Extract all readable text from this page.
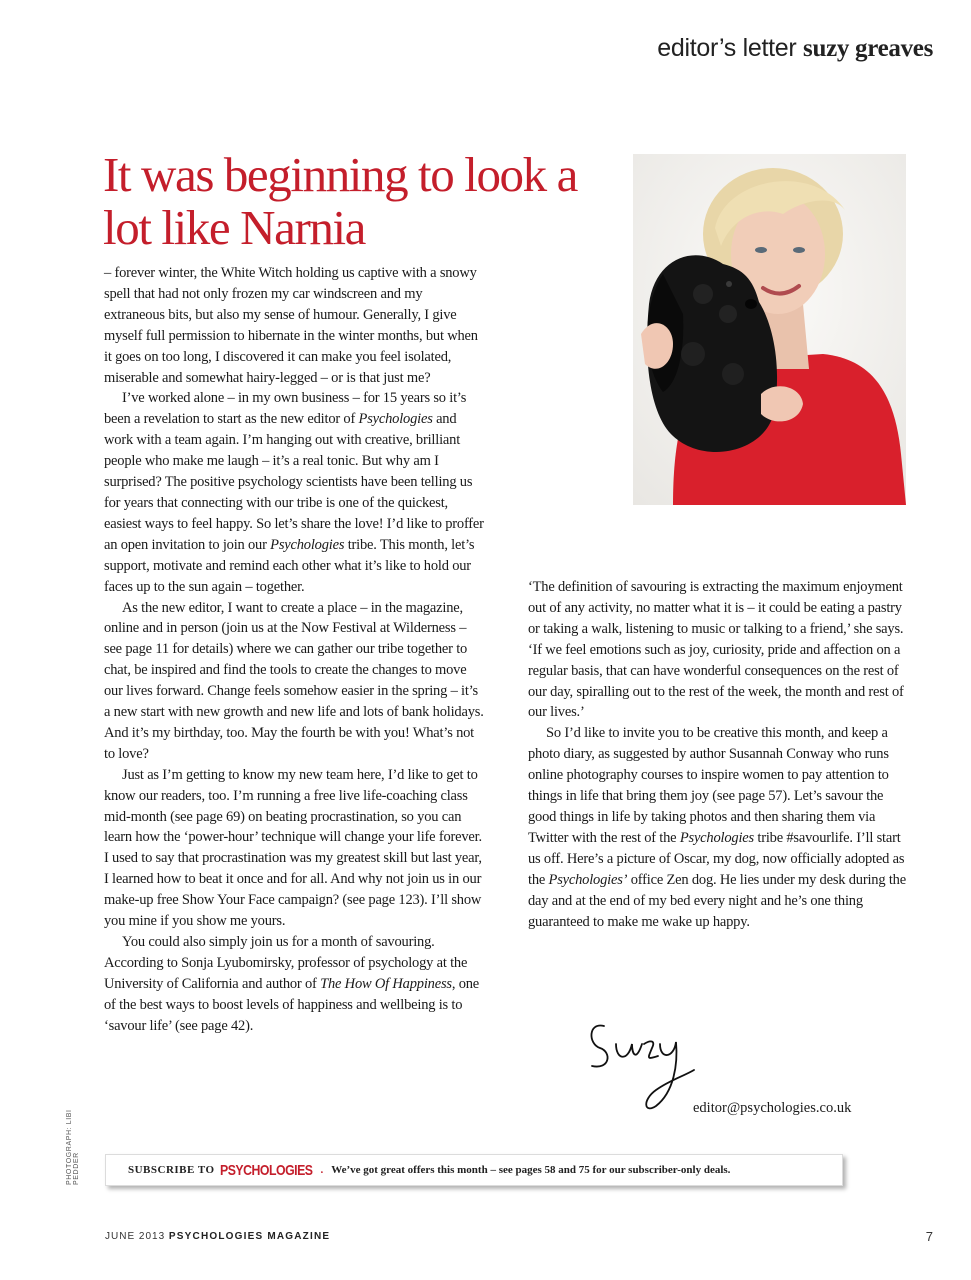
editor’s letter suzy greaves
It was beginning to look a lot like Narnia

– forever winter, the White Witch holding us captive with a snowy spell that had not only frozen my car windscreen and my extraneous bits, but also my sense of humour. Generally, I give myself full permission to hibernate in the winter months, but when it goes on too long, I discovered it can make you feel isolated, miserable and somewhat hairy-legged – or is that just me?

I’ve worked alone – in my own business – for 15 years so it’s been a revelation to start as the new editor of Psychologies and work with a team again. I’m hanging out with creative, brilliant people who make me laugh – it’s a real tonic. But why am I surprised? The positive psychology scientists have been telling us for years that connecting with our tribe is one of the quickest, easiest ways to feel happy. So let’s share the love! I’d like to proffer an open invitation to join our Psychologies tribe. This month, let’s support, motivate and remind each other what it’s like to hold our faces up to the sun again – together.

As the new editor, I want to create a place – in the magazine, online and in person (join us at the Now Festival at Wilderness – see page 11 for details) where we can gather our tribe together to chat, be inspired and find the tools to create the changes to move our lives forward. Change feels somehow easier in the spring – it’s a new start with new growth and new life and lots of bank holidays. And it’s my birthday, too. May the fourth be with you! What’s not to love?

Just as I’m getting to know my new team here, I’d like to get to know our readers, too. I’m running a free live life-coaching class mid-month (see page 69) on beating procrastination, so you can learn how the ‘power-hour’ technique will change your life forever. I used to say that procrastination was my greatest skill but last year, I learned how to beat it once and for all. And why not join us in our make-up free Show Your Face campaign? (see page 123). I’ll show you mine if you show me yours.

You could also simply join us for a month of savouring. According to Sonja Lyubomirsky, professor of psychology at the University of California and author of The How Of Happiness, one of the best ways to boost levels of happiness and wellbeing is to ‘savour life’ (see page 42).

‘The definition of savouring is extracting the maximum enjoyment out of any activity, no matter what it is – it could be eating a pastry or taking a walk, listening to music or talking to a friend,’ she says. ‘If we feel emotions such as joy, curiosity, pride and affection on a regular basis, that can have wonderful consequences on the rest of our day, spiralling out to the rest of the week, the month and rest of our lives.’

So I’d like to invite you to be creative this month, and keep a photo diary, as suggested by author Susannah Conway who runs online photography courses to inspire women to pay attention to things in life that bring them joy (see page 57). Let’s savour the good things in life by taking photos and then sharing them via Twitter with the rest of the Psychologies tribe #savourlife. I’ll start us off. Here’s a picture of Oscar, my dog, now officially adopted as the Psychologies’ office Zen dog. He lies under my desk during the day and at the end of my bed every night and he’s one thing guaranteed to make me wake up happy.

editor@psychologies.co.uk
PHOTOGRAPH: LIBI PEDDER	SUBSCRIBE TO PSYCHOLOGIES . We’ve got great offers this month – see pages 58 and 75 for our subscriber-only deals.
JUNE 2013 PSYCHOLOGIES MAGAZINE	7
